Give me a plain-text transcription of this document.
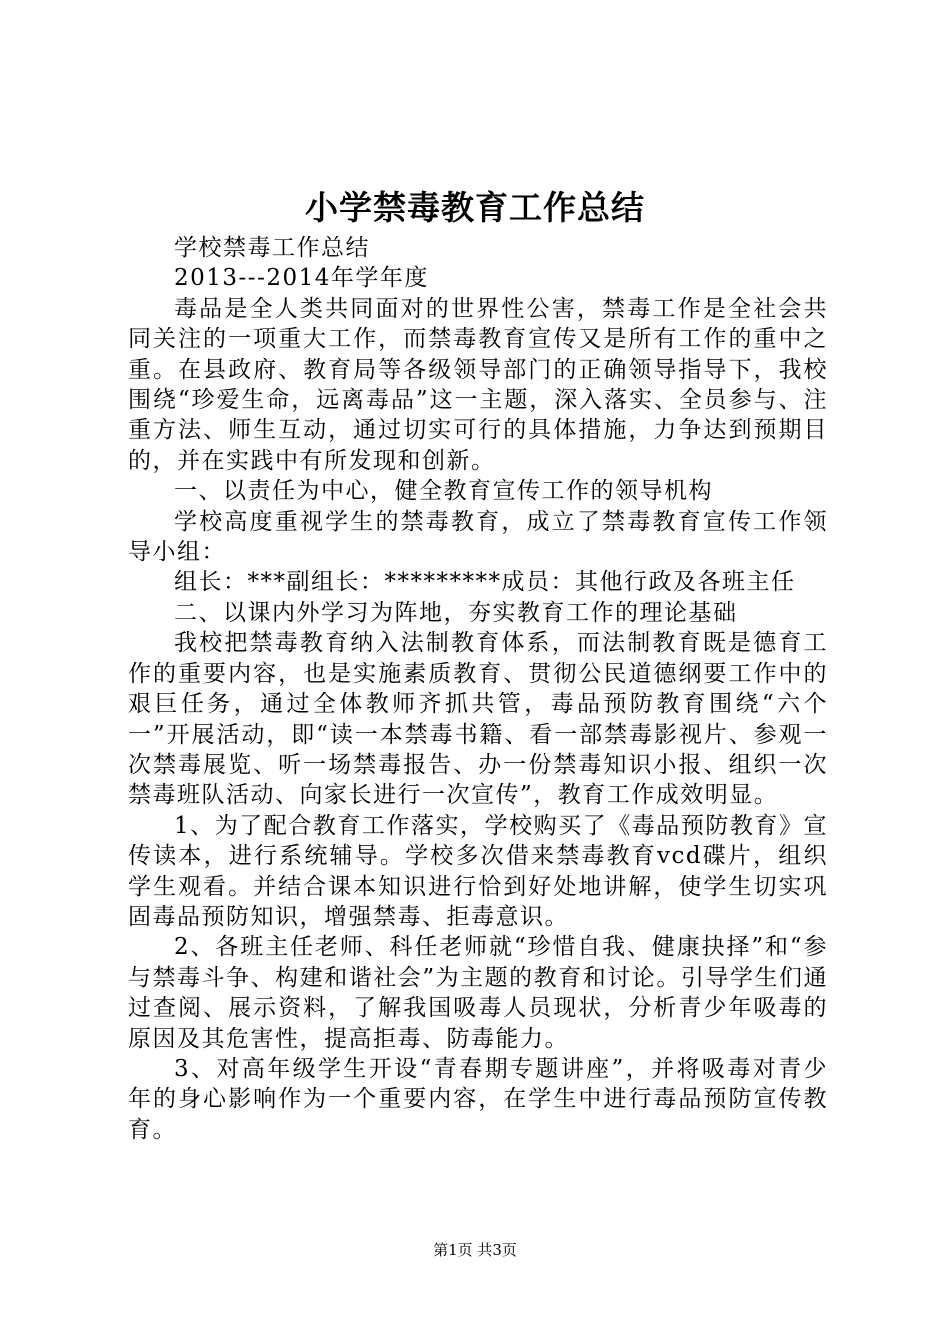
小学禁毒教育工作总结

学校禁毒工作总结

2013---2014年学年度

毒品是全人类共同面对的世界性公害，禁毒工作是全社会共同关注的一项重大工作，而禁毒教育宣传又是所有工作的重中之重。在县政府、教育局等各级领导部门的正确领导指导下，我校围绕“珍爱生命，远离毒品”这一主题，深入落实、全员参与、注重方法、师生互动，通过切实可行的具体措施，力争达到预期目的，并在实践中有所发现和创新。

一、以责任为中心，健全教育宣传工作的领导机构

学校高度重视学生的禁毒教育，成立了禁毒教育宣传工作领导小组：

组长：***副组长：*********成员：其他行政及各班主任

二、以课内外学习为阵地，夯实教育工作的理论基础

我校把禁毒教育纳入法制教育体系，而法制教育既是德育工作的重要内容，也是实施素质教育、贯彻公民道德纲要工作中的艰巨任务，通过全体教师齐抓共管，毒品预防教育围绕“六个一”开展活动，即“读一本禁毒书籍、看一部禁毒影视片、参观一次禁毒展览、听一场禁毒报告、办一份禁毒知识小报、组织一次禁毒班队活动、向家长进行一次宣传”，教育工作成效明显。

1、为了配合教育工作落实，学校购买了《毒品预防教育》宣传读本，进行系统辅导。学校多次借来禁毒教育vcd碟片，组织学生观看。并结合课本知识进行恰到好处地讲解，使学生切实巩固毒品预防知识，增强禁毒、拒毒意识。

2、各班主任老师、科任老师就“珍惜自我、健康抉择”和“参与禁毒斗争、构建和谐社会”为主题的教育和讨论。引导学生们通过查阅、展示资料，了解我国吸毒人员现状，分析青少年吸毒的原因及其危害性，提高拒毒、防毒能力。

3、对高年级学生开设“青春期专题讲座”，并将吸毒对青少年的身心影响作为一个重要内容，在学生中进行毒品预防宣传教育。

第1页 共3页
